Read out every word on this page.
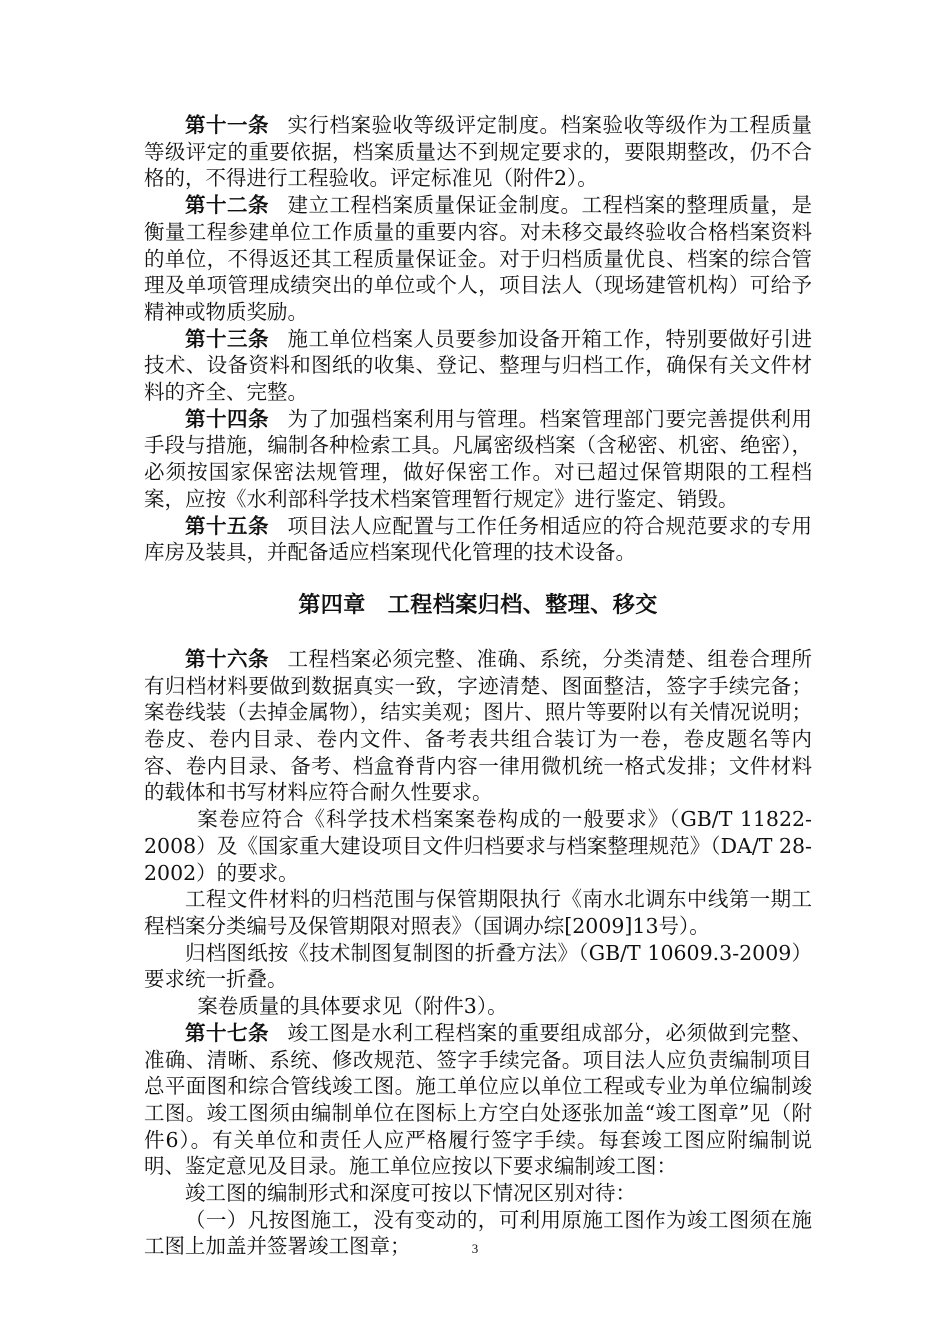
第十一条 实行档案验收等级评定制度。档案验收等级作为工程质量等级评定的重要依据，档案质量达不到规定要求的，要限期整改，仍不合格的，不得进行工程验收。评定标准见（附件2）。

第十二条 建立工程档案质量保证金制度。工程档案的整理质量，是衡量工程参建单位工作质量的重要内容。对未移交最终验收合格档案资料的单位，不得返还其工程质量保证金。对于归档质量优良、档案的综合管理及单项管理成绩突出的单位或个人，项目法人（现场建管机构）可给予精神或物质奖励。

第十三条 施工单位档案人员要参加设备开箱工作，特别要做好引进技术、设备资料和图纸的收集、登记、整理与归档工作，确保有关文件材料的齐全、完整。

第十四条 为了加强档案利用与管理。档案管理部门要完善提供利用手段与措施，编制各种检索工具。凡属密级档案（含秘密、机密、绝密），必须按国家保密法规管理，做好保密工作。对已超过保管期限的工程档案，应按《水利部科学技术档案管理暂行规定》进行鉴定、销毁。

第十五条 项目法人应配置与工作任务相适应的符合规范要求的专用库房及装具，并配备适应档案现代化管理的技术设备。

第四章 工程档案归档、整理、移交

第十六条 工程档案必须完整、准确、系统，分类清楚、组卷合理所有归档材料要做到数据真实一致，字迹清楚、图面整洁，签字手续完备；案卷线装（去掉金属物），结实美观；图片、照片等要附以有关情况说明；卷皮、卷内目录、卷内文件、备考表共组合装订为一卷，卷皮题名等内容、卷内目录、备考、档盒脊背内容一律用微机统一格式发排；文件材料的载体和书写材料应符合耐久性要求。

案卷应符合《科学技术档案案卷构成的一般要求》（GB/T 11822-2008）及《国家重大建设项目文件归档要求与档案整理规范》（DA/T 28-2002）的要求。

工程文件材料的归档范围与保管期限执行《南水北调东中线第一期工程档案分类编号及保管期限对照表》（国调办综[2009]13号）。

归档图纸按《技术制图复制图的折叠方法》（GB/T 10609.3-2009）要求统一折叠。

案卷质量的具体要求见（附件3）。

第十七条 竣工图是水利工程档案的重要组成部分，必须做到完整、准确、清晰、系统、修改规范、签字手续完备。项目法人应负责编制项目总平面图和综合管线竣工图。施工单位应以单位工程或专业为单位编制竣工图。竣工图须由编制单位在图标上方空白处逐张加盖“竣工图章”见（附件6）。有关单位和责任人应严格履行签字手续。每套竣工图应附编制说明、鉴定意见及目录。施工单位应按以下要求编制竣工图：

竣工图的编制形式和深度可按以下情况区别对待：

（一）凡按图施工，没有变动的，可利用原施工图作为竣工图须在施工图上加盖并签署竣工图章；	3
